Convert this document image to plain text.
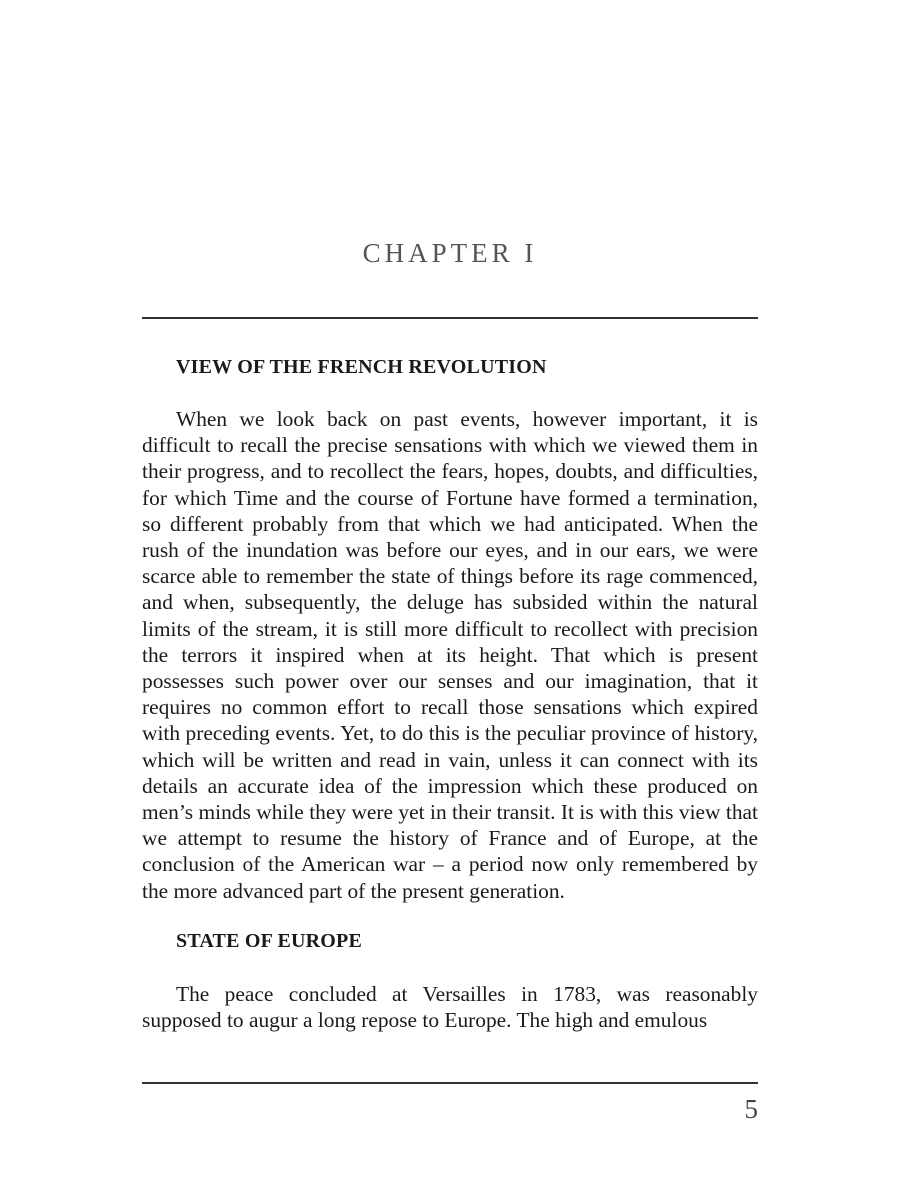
CHAPTER I
VIEW OF THE FRENCH REVOLUTION

When we look back on past events, however important, it is difficult to recall the precise sensations with which we viewed them in their progress, and to recollect the fears, hopes, doubts, and difficulties, for which Time and the course of Fortune have formed a termination, so different probably from that which we had anticipated. When the rush of the inundation was before our eyes, and in our ears, we were scarce able to remember the state of things before its rage commenced, and when, subsequently, the deluge has subsided within the natural limits of the stream, it is still more difficult to recollect with precision the terrors it inspired when at its height. That which is present possesses such power over our senses and our imagination, that it requires no common effort to recall those sensations which expired with preceding events. Yet, to do this is the peculiar province of history, which will be written and read in vain, unless it can connect with its details an accurate idea of the impression which these produced on men’s minds while they were yet in their transit. It is with this view that we attempt to resume the history of France and of Europe, at the conclusion of the American war – a period now only remembered by the more advanced part of the present generation.

STATE OF EUROPE

The peace concluded at Versailles in 1783, was reasonably supposed to augur a long repose to Europe. The high and emulous

5
